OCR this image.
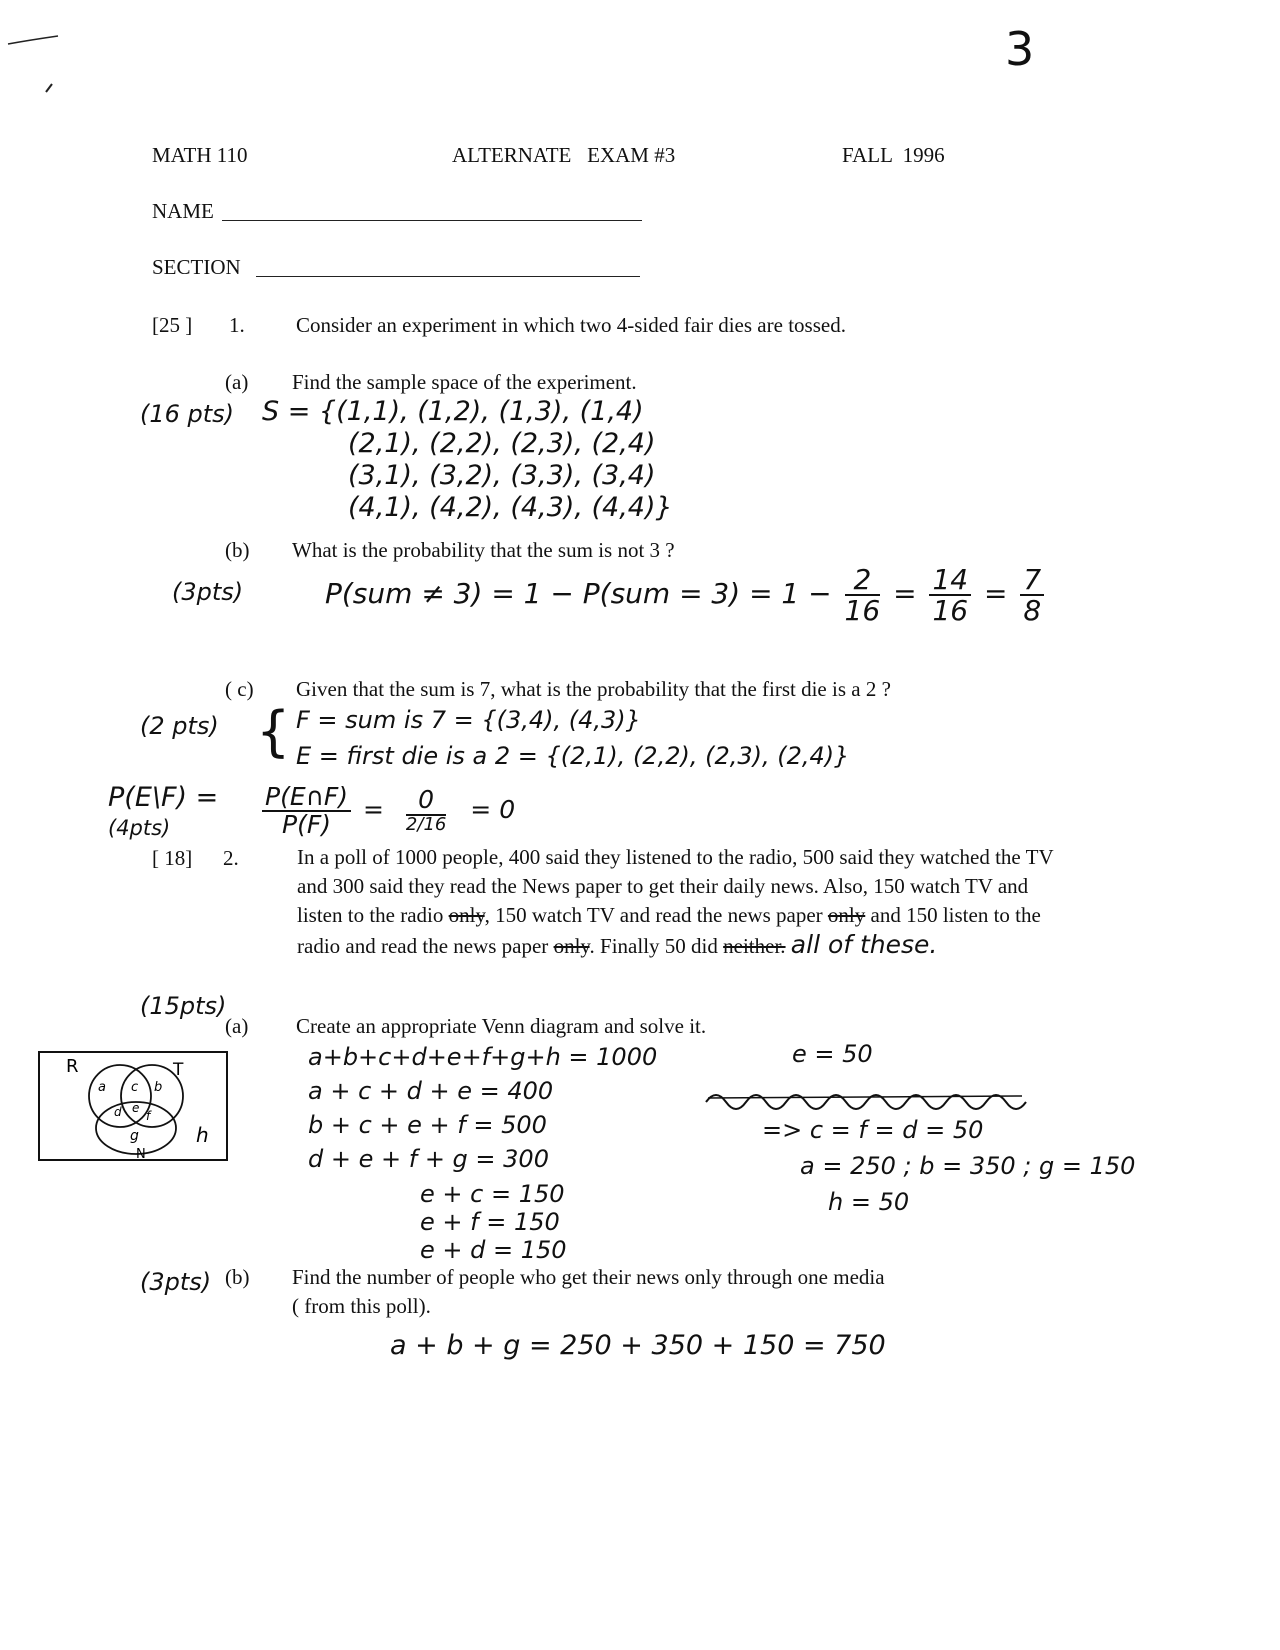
3
MATH 110	ALTERNATE   EXAM #3	FALL  1996
NAME
SECTION
[25 ] 1. Consider an experiment in which two 4-sided fair dies are tossed.
(a) Find the sample space of the experiment.
(16 pts) S = {(1,1), (1,2), (1,3), (1,4)
(2,1), (2,2), (2,3), (2,4)
(3,1), (3,2), (3,3), (3,4)
(4,1), (4,2), (4,3), (4,4)}
(b) What is the probability that the sum is not 3 ?
(3pts)	$P(sum \ne 3) = 1 - P(sum = 3) = 1 - \frac{2}{16} = \frac{14}{16} = \frac{7}{8}$
( c) Given that the sum is 7, what is the probability that the first die is a 2 ?
(2 pts) { F = sum is 7 = {(3,4), (4,3)}
E = first die is a 2 = {(2,1), (2,2), (2,3), (2,4)}
P(E\F) =
(4pts)	$\frac{P(E\cap F)}{P(F)} = \frac{0}{2/16} = 0$
[ 18] 2.	In a poll of 1000 people, 400 said they listened to the radio, 500 said they watched the TV and 300 said they read the News paper to get their daily news. Also, 150 watch TV and listen to the radio only, 150 watch TV and read the news paper only and 150 listen to the radio and read the news paper only. Finally 50 did neither. all of these.
(15pts)
(a) Create an appropriate Venn diagram and solve it.
R	T
N
a c b
d e
f
g	h
a+b+c+d+e+f+g+h = 1000
a + c + d + e = 400
b + c + e + f = 500
d + e + f + g = 300
e + c = 150
e + f = 150
e + d = 150
e = 50
=> c = f = d = 50
a = 250 ; b = 350 ; g = 150
h = 50
(3pts) (b) Find the number of people who get their news only through one media
( from this poll).
a + b + g = 250 + 350 + 150 = 750
